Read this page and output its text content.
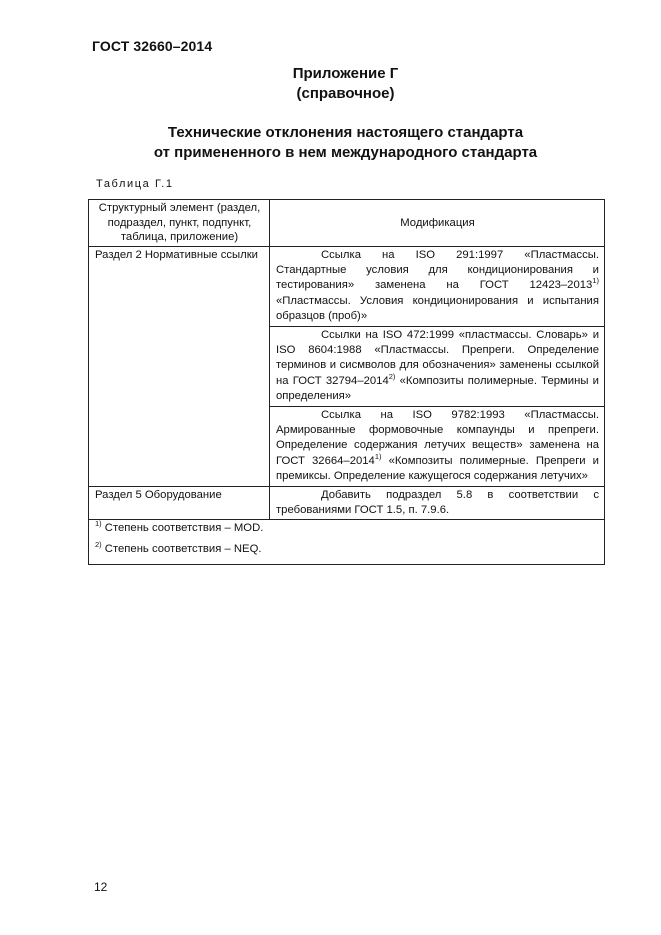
ГОСТ 32660–2014
Приложение Г
(справочное)
Технические отклонения настоящего стандарта
от примененного в нем международного стандарта
Таблица Г.1
Структурный элемент (раздел, подраздел, пункт, подпункт, таблица, приложение)	Модификация
Раздел 2 Нормативные ссылки	Ссылка на ISO 291:1997 «Пластмассы. Стандартные условия для кондиционирования и тестирования» заменена на ГОСТ 12423–2013$^{1)}$ «Пластмассы. Условия кондиционирования и испытания образцов (проб)»
	Ссылки на ISO 472:1999 «пластмассы. Словарь» и ISO 8604:1988 «Пластмассы. Препреги. Определение терминов и сисмволов для обозначения» заменены ссылкой на ГОСТ 32794–2014$^{2)}$ «Композиты полимерные. Термины и определения»
	Ссылка на ISO 9782:1993 «Пластмассы. Армированные формовочные компаунды и препреги. Определение содержания летучих веществ» заменена на ГОСТ 32664–2014$^{1)}$ «Композиты полимерные. Препреги и премиксы. Определение кажущегося содержания летучих»
Раздел 5 Оборудование	Добавить подраздел 5.8 в соответствии с требованиями ГОСТ 1.5, п. 7.9.6.

$^{1)}$ Степень соответствия – MOD.
$^{2)}$ Степень соответствия – NEQ.	
12
